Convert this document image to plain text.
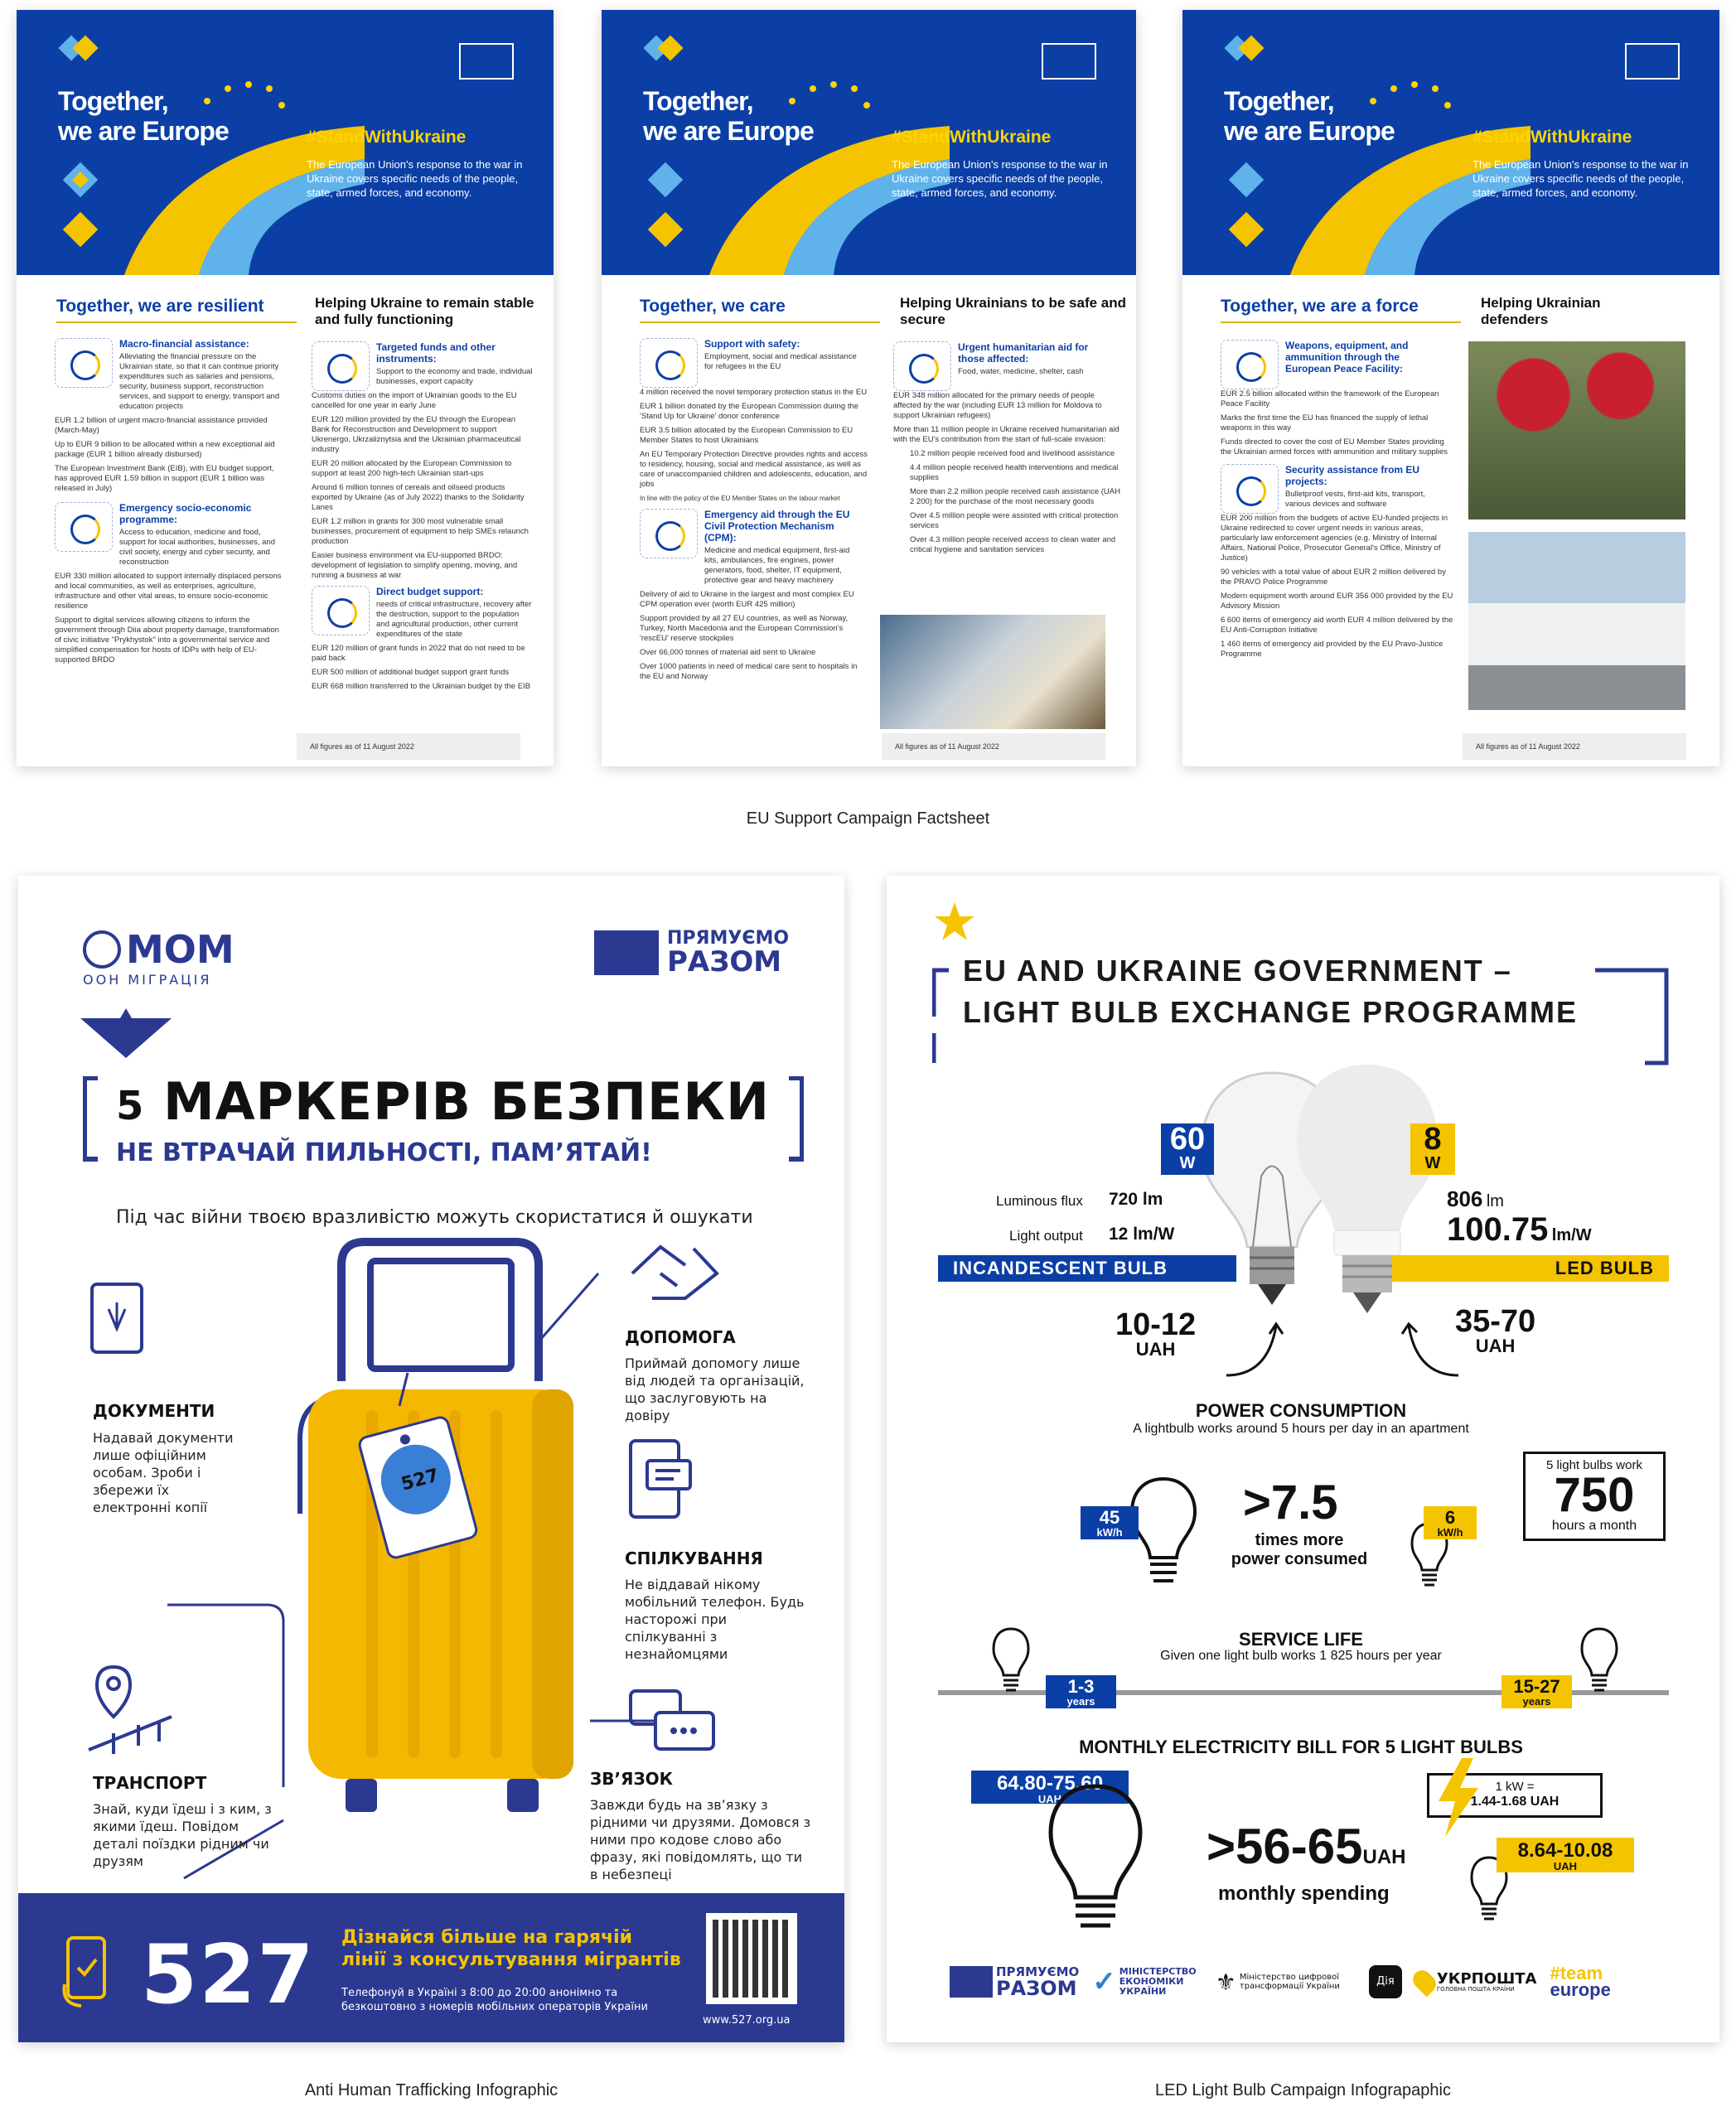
Together,
we are Europe	#StandWithUkraine
The European Union's response to the war in Ukraine covers specific needs of the people, state, armed forces, and economy.
Together, we are resilient	Helping Ukraine to remain stable and fully functioning
Macro-financial assistance:

Alleviating the financial pressure on the Ukrainian state, so that it can continue priority expenditures such as salaries and pensions, security, business support, reconstruction services, and support to energy, transport and education projects

EUR 1.2 billion of urgent macro-financial assistance provided (March-May)

Up to EUR 9 billion to be allocated within a new exceptional aid package (EUR 1 billion already disbursed)

The European Investment Bank (EIB), with EU budget support, has approved EUR 1.59 billion in support (EUR 1 billion was released in July)

Emergency socio-economic programme:

Access to education, medicine and food, support for local authorities, businesses, and civil society, energy and cyber security, and reconstruction

EUR 330 million allocated to support internally displaced persons and local communities, as well as enterprises, agriculture, infrastructure and other vital areas, to ensure socio-economic resilience

Support to digital services allowing citizens to inform the government through Diia about property damage, transformation of civic initiative "Prykhystok" into a governmental service and simplified compensation for hosts of IDPs with help of EU-supported BRDO

Targeted funds and other instruments:

Support to the economy and trade, individual businesses, export capacity

Customs duties on the import of Ukrainian goods to the EU cancelled for one year in early June

EUR 120 million provided by the EU through the European Bank for Reconstruction and Development to support Ukrenergo, Ukrzaliznytsia and the Ukrainian pharmaceutical industry

EUR 20 million allocated by the European Commission to support at least 200 high-tech Ukrainian start-ups

Around 6 million tonnes of cereals and oilseed products exported by Ukraine (as of July 2022) thanks to the Solidarity Lanes

EUR 1.2 million in grants for 300 most vulnerable small businesses, procurement of equipment to help SMEs relaunch production

Easier business environment via EU-supported BRDO: development of legislation to simplify opening, moving, and running a business at war

Direct budget support:

needs of critical infrastructure, recovery after the destruction, support to the population and agricultural production, other current expenditures of the state

EUR 120 million of grant funds in 2022 that do not need to be paid back

EUR 500 million of additional budget support grant funds

EUR 668 million transferred to the Ukrainian budget by the EIB

All figures as of 11 August 2022
Together,
we are Europe	#StandWithUkraine
The European Union's response to the war in Ukraine covers specific needs of the people, state, armed forces, and economy.
Together, we care	Helping Ukrainians to be safe and secure
Support with safety:

Employment, social and medical assistance for refugees in the EU

4 million received the novel temporary protection status in the EU

EUR 1 billion donated by the European Commission during the 'Stand Up for Ukraine' donor conference

EUR 3.5 billion allocated by the European Commission to EU Member States to host Ukrainians

An EU Temporary Protection Directive provides rights and access to residency, housing, social and medical assistance, as well as care of unaccompanied children and adolescents, education, and jobs

In line with the policy of the EU Member States on the labour market

Emergency aid through the EU Civil Protection Mechanism (CPM):

Medicine and medical equipment, first-aid kits, ambulances, fire engines, power generators, food, shelter, IT equipment, protective gear and heavy machinery

Delivery of aid to Ukraine in the largest and most complex EU CPM operation ever (worth EUR 425 million)

Support provided by all 27 EU countries, as well as Norway, Turkey, North Macedonia and the European Commission's 'rescEU' reserve stockpiles

Over 66,000 tonnes of material aid sent to Ukraine

Over 1000 patients in need of medical care sent to hospitals in the EU and Norway

Urgent humanitarian aid for those affected:

Food, water, medicine, shelter, cash

EUR 348 million allocated for the primary needs of people affected by the war (including EUR 13 million for Moldova to support Ukrainian refugees)

More than 11 million people in Ukraine received humanitarian aid with the EU's contribution from the start of full-scale invasion:

10.2 million people received food and livelihood assistance

4.4 million people received health interventions and medical supplies

More than 2.2 million people received cash assistance (UAH 2 200) for the purchase of the most necessary goods

Over 4.5 million people were assisted with critical protection services

Over 4.3 million people received access to clean water and critical hygiene and sanitation services

All figures as of 11 August 2022
Together,
we are Europe	#StandWithUkraine
The European Union's response to the war in Ukraine covers specific needs of the people, state, armed forces, and economy.
Together, we are a force	Helping Ukrainian defenders
Weapons, equipment, and ammunition through the European Peace Facility:

EUR 2.5 billion allocated within the framework of the European Peace Facility

Marks the first time the EU has financed the supply of lethal weapons in this way

Funds directed to cover the cost of EU Member States providing the Ukrainian armed forces with ammunition and military supplies

Security assistance from EU projects:

Bulletproof vests, first-aid kits, transport, various devices and software

EUR 200 million from the budgets of active EU-funded projects in Ukraine redirected to cover urgent needs in various areas, particularly law enforcement agencies (e.g. Ministry of Internal Affairs, National Police, Prosecutor General's Office, Ministry of Justice)

90 vehicles with a total value of about EUR 2 million delivered by the PRAVO Police Programme

Modern equipment worth around EUR 356 000 provided by the EU Advisory Mission

6 600 items of emergency aid worth EUR 4 million delivered by the EU Anti-Corruption Initiative

1 460 items of emergency aid provided by the EU Pravo-Justice Programme

All figures as of 11 August 2022
EU Support Campaign Factsheet
МОМ
ООН МІГРАЦІЯ
ПРЯМУЄМО
РАЗОМ
5 МАРКЕРІВ БЕЗПЕКИ
НЕ ВТРАЧАЙ ПИЛЬНОСТІ, ПАМ’ЯТАЙ!
Під час війни твоєю вразливістю можуть скористатися й ошукати
527
ДОКУМЕНТИ
Надавай документи лише офіційним особам. Зроби і збережи їх електронні копії
ДОПОМОГА
Приймай допомогу лише від людей та організацій, що заслуговують на довіру
СПІЛКУВАННЯ
Не віддавай нікому мобільний телефон. Будь насторожі при спілкуванні з незнайомцями
ТРАНСПОРТ
Знай, куди їдеш і з ким, з якими їдеш. Повідом деталі поїздки рідним чи друзям
ЗВ’ЯЗОК
Завжди будь на зв’язку з рідними чи друзями. Домовся з ними про кодове слово або фразу, які повідомлять, що ти в небезпеці
527 Дізнайся більше на гарячій лінії з консультування мігрантів
Телефонуй в Україні з 8:00 до 20:00 анонімно та безкоштовно з номерів мобільних операторів України
www.527.org.ua
Anti Human Trafficking Infographic
EU AND UKRAINE GOVERNMENT –
LIGHT BULB EXCHANGE PROGRAMME
60
W
8
W
Luminous flux 720 lm	806 lm
Light output 12 lm/W	100.75 lm/W
INCANDESCENT BULB	LED BULB
10-12
UAH
35-70
UAH
POWER CONSUMPTION
A lightbulb works around 5 hours per day in an apartment
45
kW/h
>7.5
times more
power consumed
6
kW/h
5 light bulbs work
750
hours a month
SERVICE LIFE
Given one light bulb works 1 825 hours per year
1-3
years
15-27
years
MONTHLY ELECTRICITY BILL FOR 5 LIGHT BULBS
64.80-75.60
UAH
1 kW =
1.44-1.68 UAH
>56-65UAH
monthly spending
8.64-10.08
UAH
ПРЯМУЄМО
РАЗОМ ✓ МІНІСТЕРСТВО ЕКОНОМІКИ УКРАЇНИ	⚜ Міністерство цифрової трансформації України	Дія	УКРПОШТА
ГОЛОВНА ПОШТА КРАЇНИ
#team
europe
LED Light Bulb Campaign Infograpaphic
